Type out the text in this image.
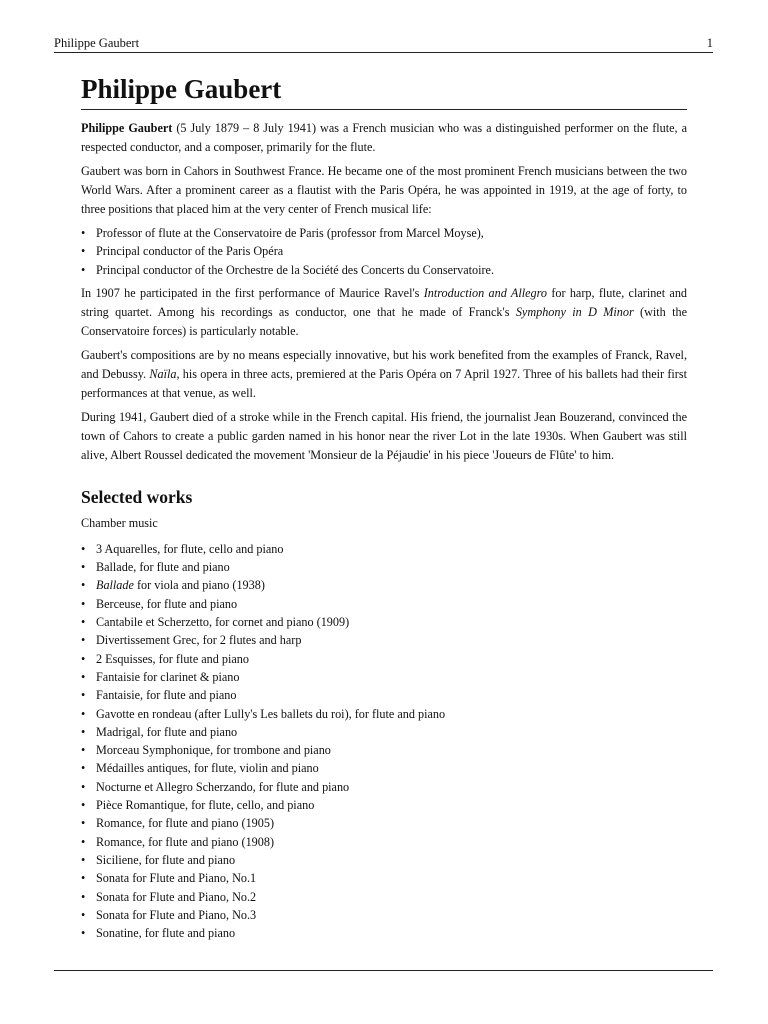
Philippe Gaubert	1
Philippe Gaubert

Philippe Gaubert (5 July 1879 – 8 July 1941) was a French musician who was a distinguished performer on the flute, a respected conductor, and a composer, primarily for the flute.

Gaubert was born in Cahors in Southwest France. He became one of the most prominent French musicians between the two World Wars. After a prominent career as a flautist with the Paris Opéra, he was appointed in 1919, at the age of forty, to three positions that placed him at the very center of French musical life:

• Professor of flute at the Conservatoire de Paris (professor from Marcel Moyse),
• Principal conductor of the Paris Opéra
• Principal conductor of the Orchestre de la Société des Concerts du Conservatoire.

In 1907 he participated in the first performance of Maurice Ravel's Introduction and Allegro for harp, flute, clarinet and string quartet. Among his recordings as conductor, one that he made of Franck's Symphony in D Minor (with the Conservatoire forces) is particularly notable.

Gaubert's compositions are by no means especially innovative, but his work benefited from the examples of Franck, Ravel, and Debussy. Naïla, his opera in three acts, premiered at the Paris Opéra on 7 April 1927. Three of his ballets had their first performances at that venue, as well.

During 1941, Gaubert died of a stroke while in the French capital. His friend, the journalist Jean Bouzerand, convinced the town of Cahors to create a public garden named in his honor near the river Lot in the late 1930s. When Gaubert was still alive, Albert Roussel dedicated the movement 'Monsieur de la Péjaudie' in his piece 'Joueurs de Flûte' to him.

Selected works
Chamber music
• 3 Aquarelles, for flute, cello and piano
• Ballade, for flute and piano
• Ballade for viola and piano (1938)
• Berceuse, for flute and piano
• Cantabile et Scherzetto, for cornet and piano (1909)
• Divertissement Grec, for 2 flutes and harp
• 2 Esquisses, for flute and piano
• Fantaisie for clarinet & piano
• Fantaisie, for flute and piano
• Gavotte en rondeau (after Lully's Les ballets du roi), for flute and piano
• Madrigal, for flute and piano
• Morceau Symphonique, for trombone and piano
• Médailles antiques, for flute, violin and piano
• Nocturne et Allegro Scherzando, for flute and piano
• Pièce Romantique, for flute, cello, and piano
• Romance, for flute and piano (1905)
• Romance, for flute and piano (1908)
• Siciliene, for flute and piano
• Sonata for Flute and Piano, No.1
• Sonata for Flute and Piano, No.2
• Sonata for Flute and Piano, No.3
• Sonatine, for flute and piano
